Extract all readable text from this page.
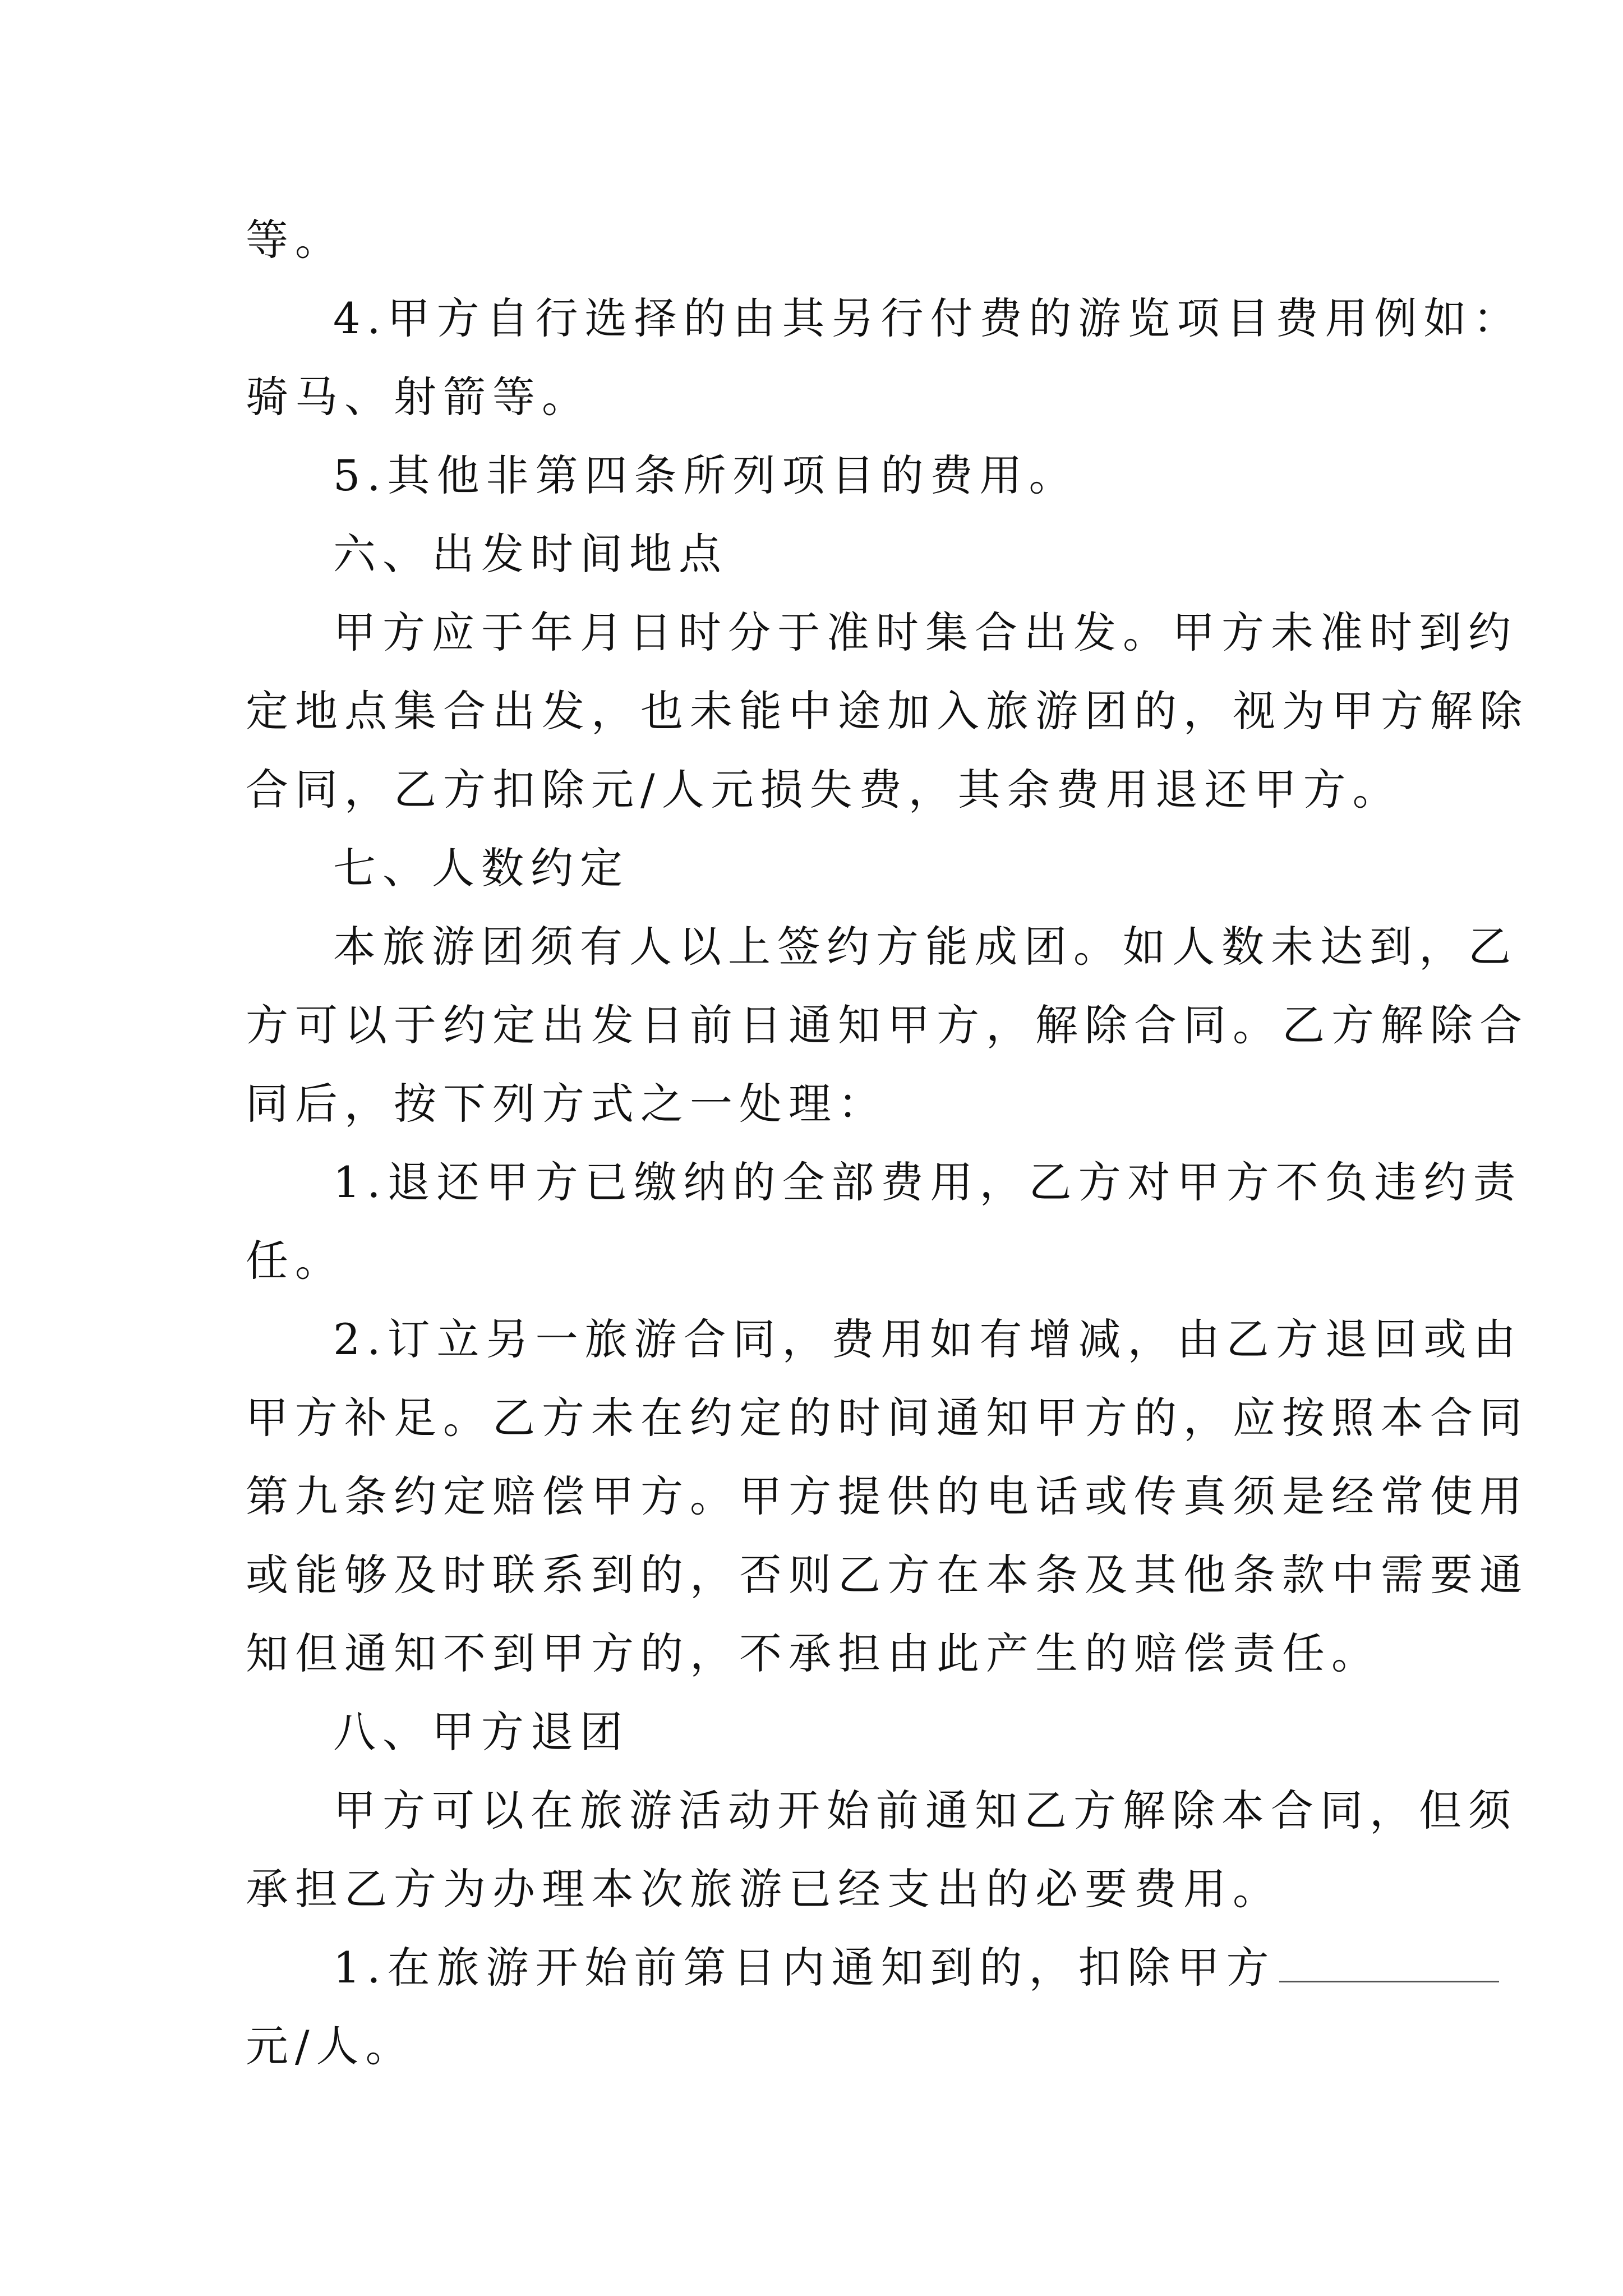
等。
4.甲方自行选择的由其另行付费的游览项目费用例如：
骑马、射箭等。
5.其他非第四条所列项目的费用。
六、出发时间地点
甲方应于年月日时分于准时集合出发。甲方未准时到约
定地点集合出发，也未能中途加入旅游团的，视为甲方解除
合同，乙方扣除元/人元损失费，其余费用退还甲方。
七、人数约定
本旅游团须有人以上签约方能成团。如人数未达到，乙
方可以于约定出发日前日通知甲方，解除合同。乙方解除合
同后，按下列方式之一处理：
1.退还甲方已缴纳的全部费用，乙方对甲方不负违约责
任。
2.订立另一旅游合同，费用如有增减，由乙方退回或由
甲方补足。乙方未在约定的时间通知甲方的，应按照本合同
第九条约定赔偿甲方。甲方提供的电话或传真须是经常使用
或能够及时联系到的，否则乙方在本条及其他条款中需要通
知但通知不到甲方的，不承担由此产生的赔偿责任。
八、甲方退团
甲方可以在旅游活动开始前通知乙方解除本合同，但须
承担乙方为办理本次旅游已经支出的必要费用。
1.在旅游开始前第日内通知到的，扣除甲方
元/人。
